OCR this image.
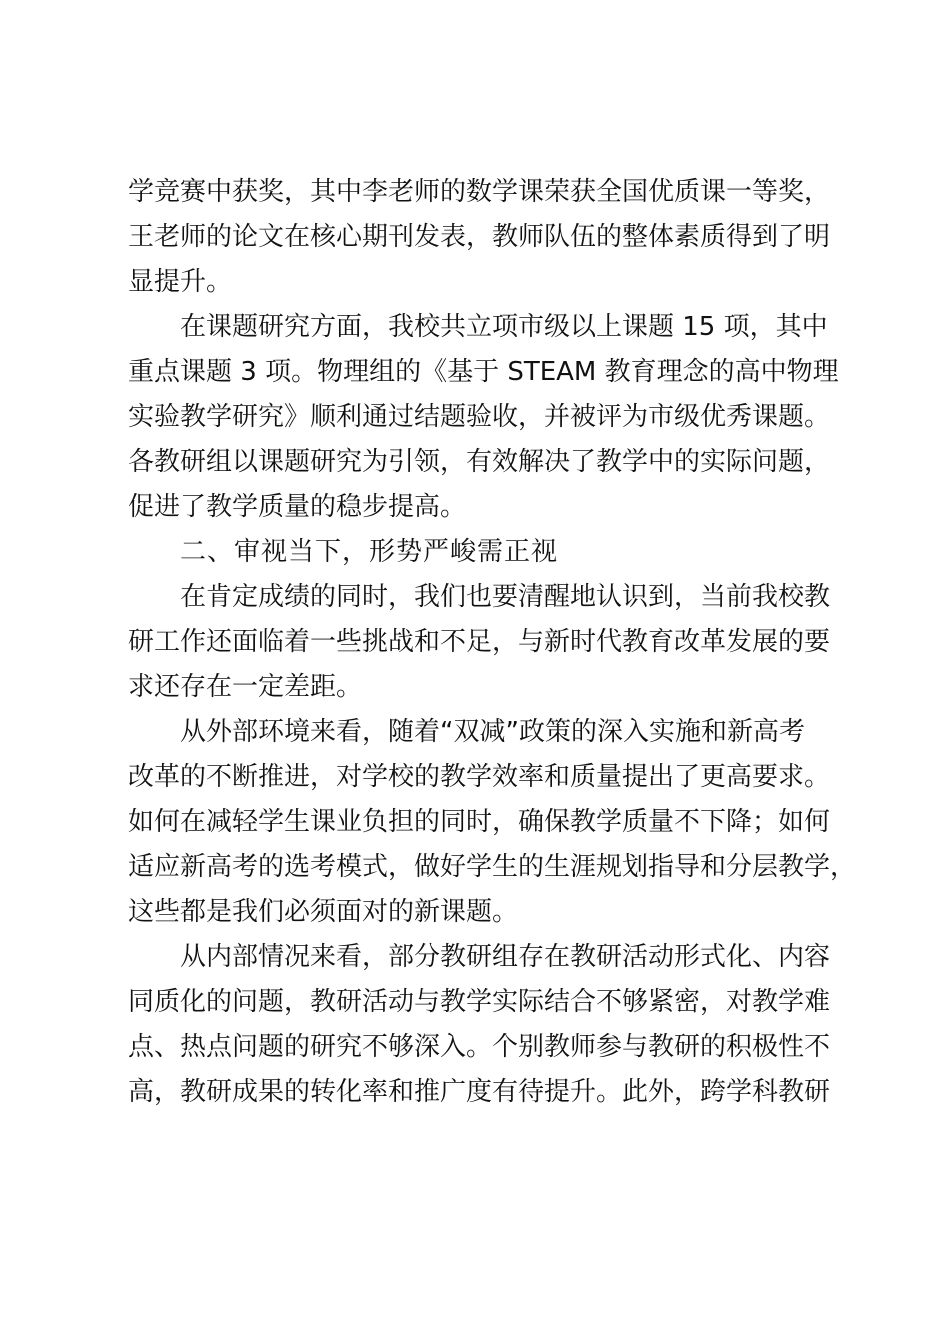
学竞赛中获奖，其中李老师的数学课荣获全国优质课一等奖，
王老师的论文在核心期刊发表，教师队伍的整体素质得到了明
显提升。
在课题研究方面，我校共立项市级以上课题 15 项，其中
重点课题 3 项。物理组的《基于 STEAM 教育理念的高中物理
实验教学研究》顺利通过结题验收，并被评为市级优秀课题。
各教研组以课题研究为引领，有效解决了教学中的实际问题，
促进了教学质量的稳步提高。
二、审视当下，形势严峻需正视
在肯定成绩的同时，我们也要清醒地认识到，当前我校教
研工作还面临着一些挑战和不足，与新时代教育改革发展的要
求还存在一定差距。
从外部环境来看，随着“双减”政策的深入实施和新高考
改革的不断推进，对学校的教学效率和质量提出了更高要求。
如何在减轻学生课业负担的同时，确保教学质量不下降；如何
适应新高考的选考模式，做好学生的生涯规划指导和分层教学，
这些都是我们必须面对的新课题。
从内部情况来看，部分教研组存在教研活动形式化、内容
同质化的问题，教研活动与教学实际结合不够紧密，对教学难
点、热点问题的研究不够深入。个别教师参与教研的积极性不
高，教研成果的转化率和推广度有待提升。此外，跨学科教研
